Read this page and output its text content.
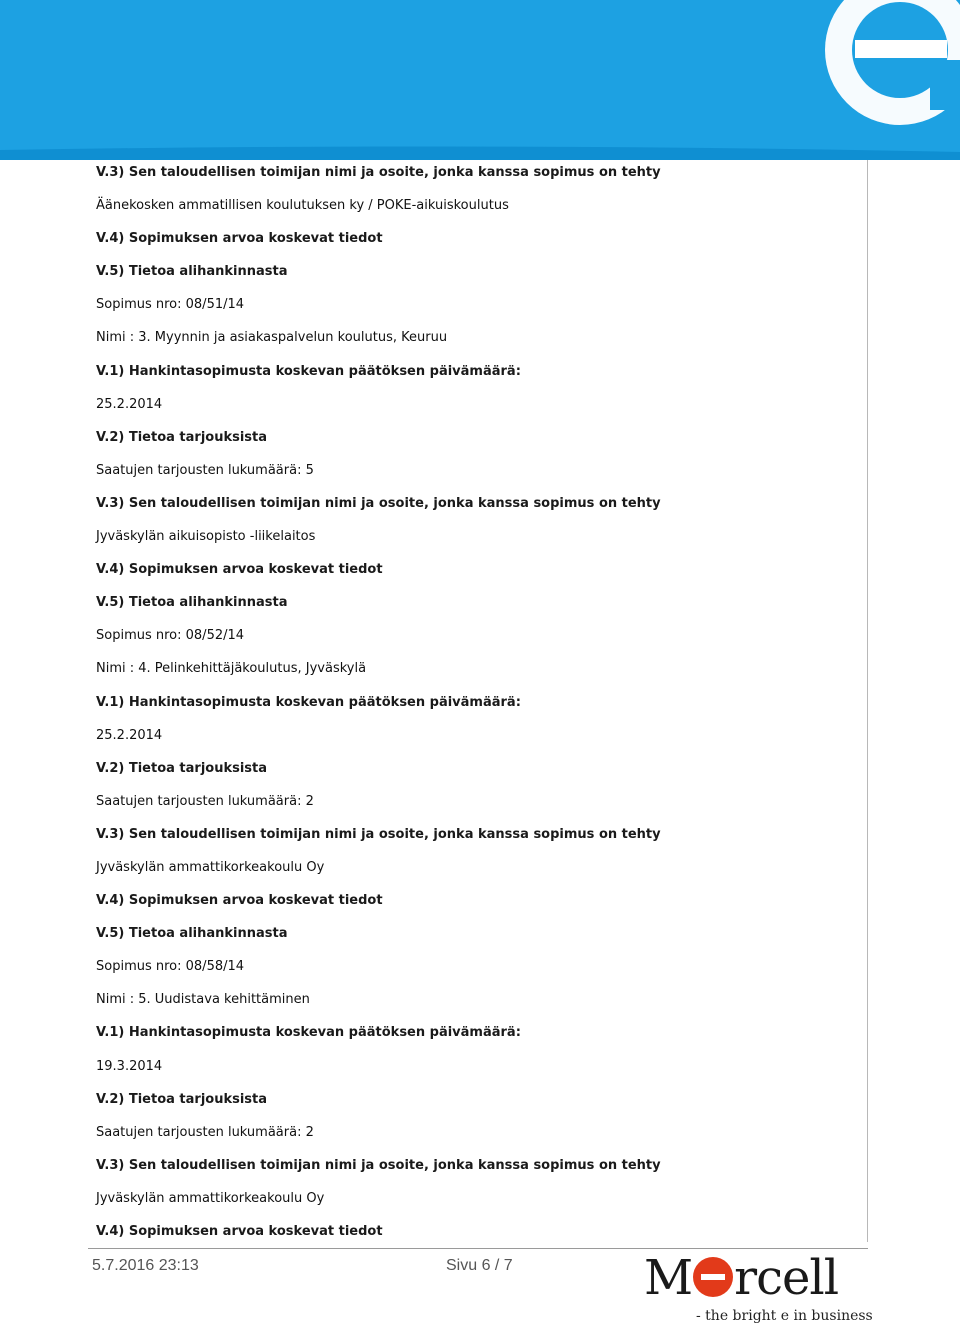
V.3) Sen taloudellisen toimijan nimi ja osoite, jonka kanssa sopimus on tehty
Äänekosken ammatillisen koulutuksen ky / POKE-aikuiskoulutus
V.4) Sopimuksen arvoa koskevat tiedot
V.5) Tietoa alihankinnasta
Sopimus nro: 08/51/14
Nimi : 3. Myynnin ja asiakaspalvelun koulutus, Keuruu
V.1) Hankintasopimusta koskevan päätöksen päivämäärä:
25.2.2014
V.2) Tietoa tarjouksista
Saatujen tarjousten lukumäärä: 5
V.3) Sen taloudellisen toimijan nimi ja osoite, jonka kanssa sopimus on tehty
Jyväskylän aikuisopisto -liikelaitos
V.4) Sopimuksen arvoa koskevat tiedot
V.5) Tietoa alihankinnasta
Sopimus nro: 08/52/14
Nimi : 4. Pelinkehittäjäkoulutus, Jyväskylä
V.1) Hankintasopimusta koskevan päätöksen päivämäärä:
25.2.2014
V.2) Tietoa tarjouksista
Saatujen tarjousten lukumäärä: 2
V.3) Sen taloudellisen toimijan nimi ja osoite, jonka kanssa sopimus on tehty
Jyväskylän ammattikorkeakoulu Oy
V.4) Sopimuksen arvoa koskevat tiedot
V.5) Tietoa alihankinnasta
Sopimus nro: 08/58/14
Nimi : 5. Uudistava kehittäminen
V.1) Hankintasopimusta koskevan päätöksen päivämäärä:
19.3.2014
V.2) Tietoa tarjouksista
Saatujen tarjousten lukumäärä: 2
V.3) Sen taloudellisen toimijan nimi ja osoite, jonka kanssa sopimus on tehty
Jyväskylän ammattikorkeakoulu Oy
V.4) Sopimuksen arvoa koskevat tiedot
5.7.2016 23:13	Sivu 6 / 7	M rcell
- the bright e in business
